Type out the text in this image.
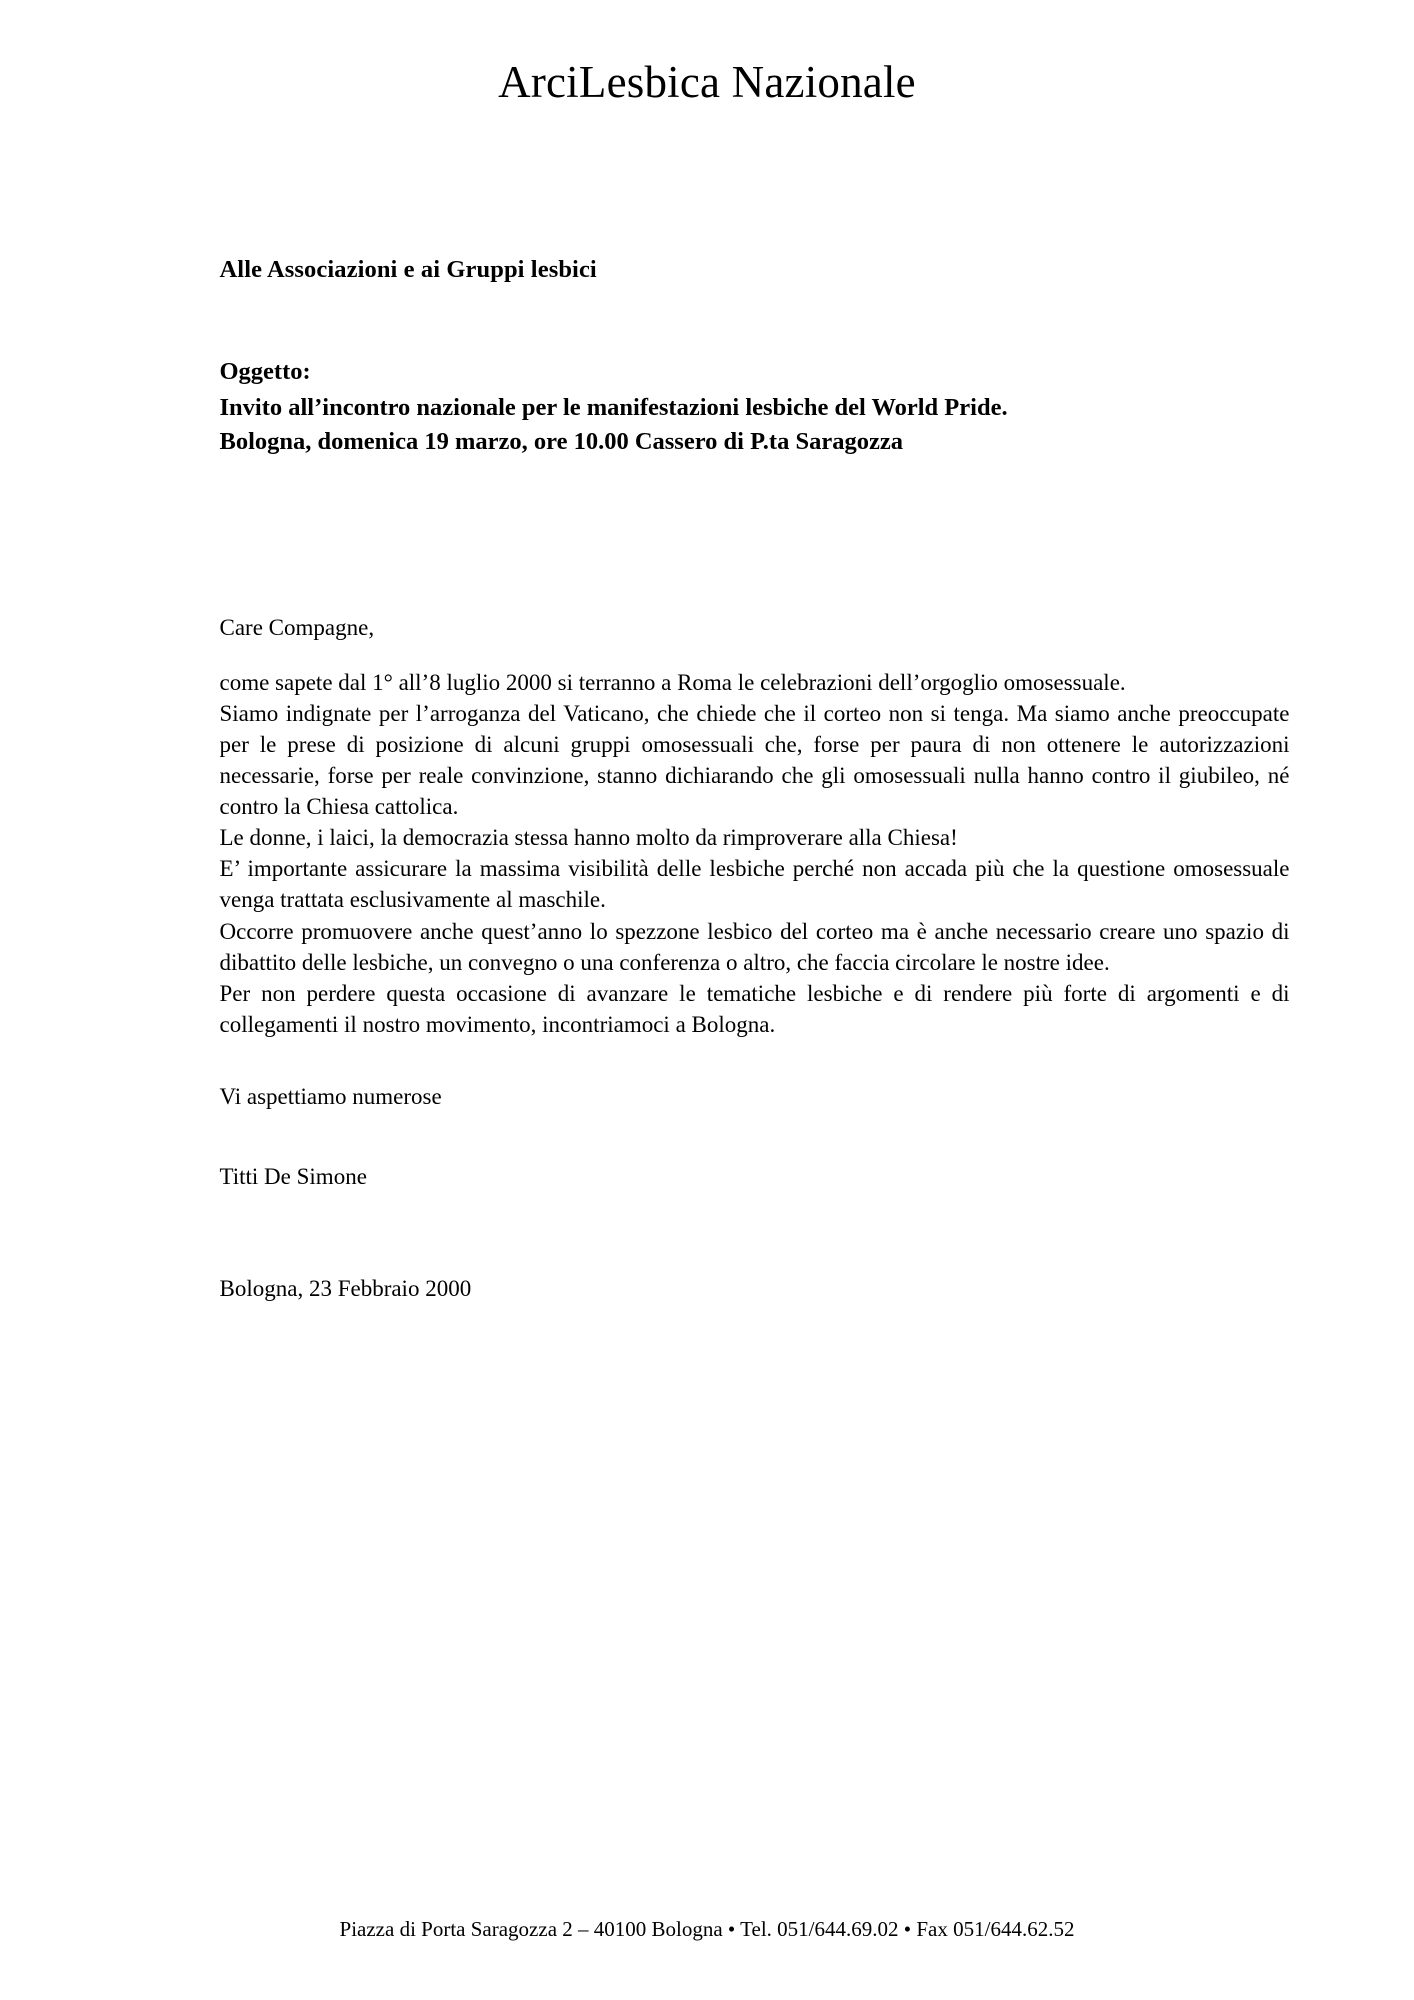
ArciLesbica Nazionale
Alle Associazioni e ai Gruppi lesbici
Oggetto:
Invito all’incontro nazionale per le manifestazioni lesbiche del World Pride.
Bologna, domenica 19 marzo, ore 10.00 Cassero di P.ta Saragozza
Care Compagne,
come sapete dal 1° all’8 luglio 2000 si terranno a Roma le celebrazioni dell’orgoglio omosessuale.
Siamo indignate per l’arroganza del Vaticano, che chiede che il corteo non si tenga. Ma siamo anche preoccupate per le prese di posizione di alcuni gruppi omosessuali che, forse per paura di non ottenere le autorizzazioni necessarie, forse per reale convinzione, stanno dichiarando che gli omosessuali nulla hanno contro il giubileo, né contro la Chiesa cattolica.
Le donne, i laici, la democrazia stessa hanno molto da rimproverare alla Chiesa!
E’ importante assicurare la massima visibilità delle lesbiche perché non accada più che la questione omosessuale venga trattata esclusivamente al maschile.
Occorre promuovere anche quest’anno lo spezzone lesbico del corteo ma è anche necessario creare uno spazio di dibattito delle lesbiche, un convegno o una conferenza o altro, che faccia circolare le nostre idee.
Per non perdere questa occasione di avanzare le tematiche lesbiche e di rendere più forte di argomenti e di collegamenti il nostro movimento, incontriamoci a Bologna.
Vi aspettiamo numerose
Titti De Simone
Bologna, 23 Febbraio 2000
Piazza di Porta Saragozza 2 – 40100 Bologna • Tel. 051/644.69.02 • Fax 051/644.62.52
